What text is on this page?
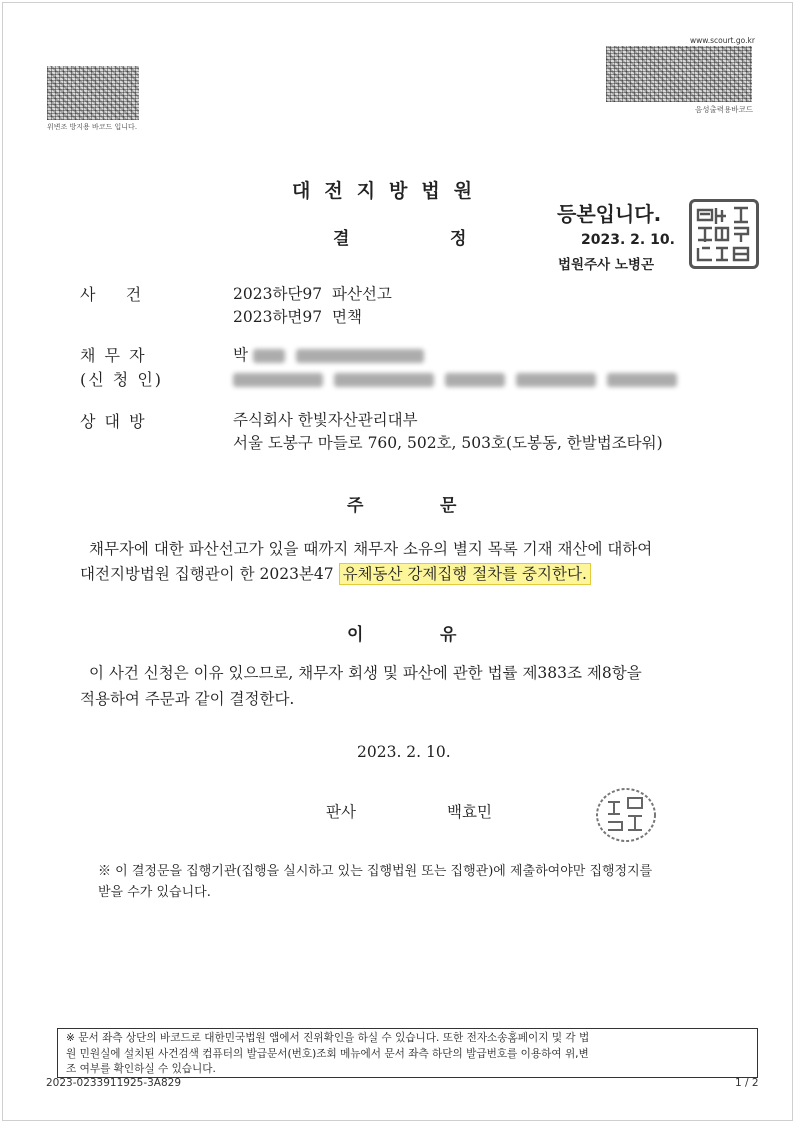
위변조 방지용 바코드 입니다.
www.scourt.go.kr
음성출력용바코드
대전지방법원
결	정
등본입니다.
2023. 2. 10.
법원주사 노병곤
사    건	2023하단97  파산선고
2023하면97  면책
채 무 자	박
(신 청 인)

상 대 방	주식회사 한빛자산관리대부
서울 도봉구 마들로 760, 502호, 503호(도봉동, 한발법조타워)
주	문
채무자에 대한 파산선고가 있을 때까지 채무자 소유의 별지 목록 기재 재산에 대하여
대전지방법원 집행관이 한 2023본47 유체동산 강제집행 절차를 중지한다.
이	유
이 사건 신청은 이유 있으므로, 채무자 회생 및 파산에 관한 법률 제383조 제8항을
적용하여 주문과 같이 결정한다.
2023. 2. 10.
판사	백효민
※ 이 결정문을 집행기관(집행을 실시하고 있는 집행법원 또는 집행관)에 제출하여야만 집행정지를
받을 수가 있습니다.
※ 문서 좌측 상단의 바코드로 대한민국법원 앱에서 진위확인을 하실 수 있습니다. 또한 전자소송홈페이지 및 각 법
원 민원실에 설치된 사건검색 컴퓨터의 발급문서(번호)조회 메뉴에서 문서 좌측 하단의 발급번호를 이용하여 위,변
조 여부를 확인하실 수 있습니다.
2023-0233911925-3A829	1 / 2
